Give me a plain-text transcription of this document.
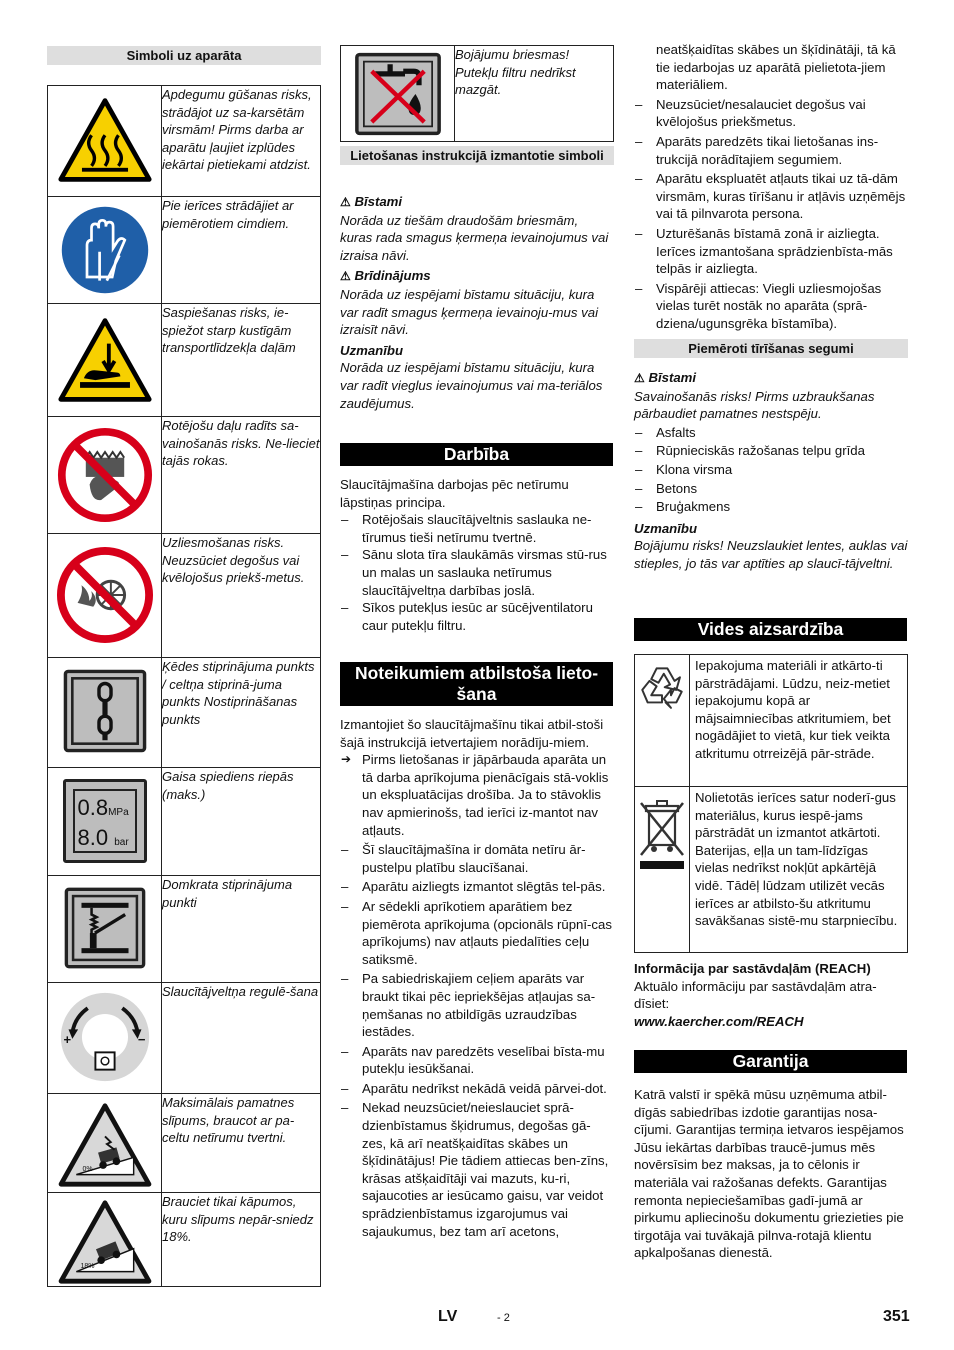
Simboli uz aparāta
	Apdegumu gūšanas risks, strādājot uz sa-karsētām virsmām! Pirms darba ar aparātu ļaujiet izplūdes iekārtai pietiekami atdzist.
	Pie ierīces strādājiet ar piemērotiem cimdiem.
	Saspiešanas risks, ie-spiežot starp kustīgām transportlīdzekļa daļām
	Rotējošu daļu radīts sa-vainošanās risks. Ne-lieciet tajās rokas.
	Uzliesmošanas risks. Neuzsūciet degošus vai kvēlojošus priekš-metus.
	Ķēdes stiprinājuma punkts / celtņa stiprinā-juma punkts Nostiprināšanas punkts

0.8MPa
8.0 bar	Gaisa spiediens riepās (maks.)
	Domkrata stiprinājuma punkti

+ −	Slaucītājveltņa regulē-šana

0%	Maksimālais pamatnes slīpums, braucot ar pa-celtu netīrumu tvertni.

18%	Brauciet tikai kāpumos, kuru slīpums nepār-sniedz 18%.
	Bojājumu briesmas! Putekļu filtru nedrīkst mazgāt.
Lietošanas instrukcijā izmantotie simboli

⚠ Bīstami

Norāda uz tiešām draudošām briesmām, kuras rada smagus ķermeņa ievainojumus vai izraisa nāvi.

⚠ Brīdinājums

Norāda uz iespējami bīstamu situāciju, kura var radīt smagus ķermeņa ievainoju-mus vai izraisīt nāvi.

Uzmanību

Norāda uz iespējami bīstamu situāciju, kura var radīt vieglus ievainojumus vai ma-teriālos zaudējumus.

Darbība

Slaucītājmašīna darbojas pēc netīrumu lāpstiņas principa.

– Rotējošais slaucītājveltnis saslauka ne-tīrumus tieši netīrumu tvertnē.
– Sānu slota tīra slaukāmās virsmas stū-rus un malas un saslauka netīrumus slaucītājveltņa darbības joslā.
– Sīkos putekļus iesūc ar sūcējventilatoru caur putekļu filtru.
Noteikumiem atbilstoša lieto-šana

Izmantojiet šo slaucītājmašīnu tikai atbil-stoši šajā instrukcijā ietvertajiem norādīju-miem.

➔ Pirms lietošanas ir jāpārbauda aparāta un tā darba aprīkojuma pienācīgais stā-voklis un ekspluatācijas drošība. Ja to stāvoklis nav apmierinošs, tad ierīci iz-mantot nav atļauts.
– Šī slaucītājmašīna ir domāta netīru ār-pustelpu platību slaucīšanai.
– Aparātu aizliegts izmantot slēgtās tel-pās.
– Ar sēdekli aprīkotiem aparātiem bez piemērota aprīkojuma (opcionāls rūpnī-cas aprīkojums) nav atļauts piedalīties ceļu satiksmē.
– Pa sabiedriskajiem ceļiem aparāts var braukt tikai pēc iepriekšējas atļaujas sa-ņemšanas no atbildīgās uzraudzības iestādes.
– Aparāts nav paredzēts veselībai bīsta-mu putekļu iesūkšanai.
– Aparātu nedrīkst nekādā veidā pārvei-dot.
– Nekad neuzsūciet/neieslauciet sprā-dzienbīstamus šķidrumus, degošas gā-zes, kā arī neatšķaidītas skābes un šķīdinātājus! Pie tādiem attiecas ben-zīns, krāsas atšķaidītāji vai mazuts, ku-ri, sajaucoties ar iesūcamo gaisu, var veidot sprādzienbīstamus izgarojumus vai sajaukumus, bez tam arī acetons,

neatšķaidītas skābes un šķīdinātāji, tā kā tie iedarbojas uz aparātā pielietota-jiem materiāliem.

– Neuzsūciet/nesalauciet degošus vai kvēlojošus priekšmetus.
– Aparāts paredzēts tikai lietošanas ins-trukcijā norādītajiem segumiem.
– Aparātu ekspluatēt atļauts tikai uz tā-dām virsmām, kuras tīrīšanu ir atļāvis uzņēmējs vai tā pilnvarota persona.
– Uzturēšanās bīstamā zonā ir aizliegta. Ierīces izmantošana sprādzienbīsta-mās telpās ir aizliegta.
– Vispārēji attiecas: Viegli uzliesmojošas vielas turēt nostāk no aparāta (sprā-dziena/ugunsgrēka bīstamība).
Piemēroti tīrīšanas segumi

⚠ Bīstami

Savainošanās risks! Pirms uzbraukšanas pārbaudiet pamatnes nestspēju.

– Asfalts
– Rūpnieciskās ražošanas telpu grīda
– Klona virsma
– Betons
– Bruģakmens

Uzmanību

Bojājumu risks! Neuzslaukiet lentes, auklas vai stieples, jo tās var aptīties ap slaucī-tājveltni.

Vides aizsardzība
	Iepakojuma materiāli ir atkārto-ti pārstrādājami. Lūdzu, neiz-metiet iepakojumu kopā ar mājsaimniecības atkritumiem, bet nogādājiet to vietā, kur tiek veikta atkritumu otrreizējā pār-strāde.
	Nolietotās ierīces satur noderī-gus materiālus, kurus iespē-jams pārstrādāt un izmantot atkārtoti. Baterijas, eļļa un tam-līdzīgas vielas nedrīkst nokļūt apkārtējā vidē. Tādēļ lūdzam utilizēt vecās ierīces ar atbilsto-šu atkritumu savākšanas sistē-mu starpniecību.

Informācija par sastāvdaļām (REACH)

Aktuālo informāciju par sastāvdaļām atra-dīsiet:

www.kaercher.com/REACH

Garantija

Katrā valstī ir spēkā mūsu uzņēmuma atbil-dīgās sabiedrības izdotie garantijas nosa-cījumi. Garantijas termiņa ietvaros iespējamos Jūsu iekārtas darbības traucē-jumus mēs novērsīsim bez maksas, ja to cēlonis ir materiāla vai ražošanas defekts. Garantijas remonta nepieciešamības gadī-jumā ar pirkumu apliecinošu dokumentu griezieties pie tirgotāja vai tuvākajā pilnva-rotajā klientu apkalpošanas dienestā.

LV	- 2	351
